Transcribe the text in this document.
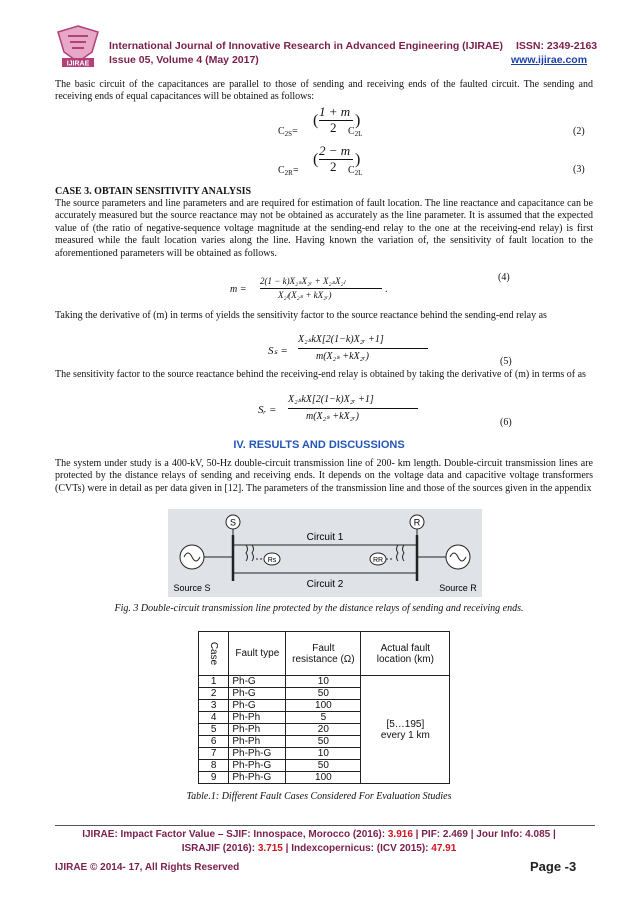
IJIRAE
International Journal of Innovative Research in Advanced Engineering (IJIRAE)
Issue 05, Volume 4 (May 2017)
ISSN: 2349-2163
www.ijirae.com
The basic circuit of the capacitances are parallel to those of sending and receiving ends of the faulted circuit. The sending and receiving ends of equal capacitances will be obtained as follows:
$C_{2S}=$
(
1 + m
2 )
$C_{2L}$	(2)
$C_{2R}=$
(
2 − m
2 )
$C_{2L}$	(3)
CASE 3. OBTAIN SENSITIVITY ANALYSIS
The source parameters and line parameters and are required for estimation of fault location. The line reactance and capacitance can be accurately measured but the source reactance may not be obtained as accurately as the line parameter. It is assumed that the expected value of (the ratio of negative-sequence voltage magnitude at the sending-end relay to the one at the receiving-end relay) is first measured while the fault location varies along the line. Having known the variation of, the sensitivity of fault location to the aforementioned parameters will be obtained as follows.
m =
2(1 − k)X₂ₛX₂ᵣ + X₂ₛX₂ₗ
X₂ₗ(X₂ₛ + kX₂ᵣ)	.
(4)
Taking the derivative of (m) in terms of yields the sensitivity factor to the source reactance behind the sending-end relay as
Sₛ =
X₂ₛkX[2(1−k)X₂ᵣ +1]
m(X₂ₛ +kX₂ᵣ)	(5)
The sensitivity factor to the source reactance behind the receiving-end relay is obtained by taking the derivative of (m) in terms of as
Sᵣ =
X₂ₛkX[2(1−k)X₂ᵣ +1]
m(X₂ₛ +kX₂ᵣ)
(6)
IV. RESULTS AND DISCUSSIONS
The system under study is a 400-kV, 50-Hz double-circuit transmission line of 200- km length. Double-circuit transmission lines are protected by the distance relays of sending and receiving ends. It depends on the voltage data and capacitive voltage transformers (CVTs) were in detail as per data given in [12]. The parameters of the transmission line and those of the sources given in the appendix
S	R
Rs	RR
Circuit 1
Circuit 2
Source S	Source R
Fig. 3 Double-circuit transmission line protected by the distance relays of sending and receiving ends.
Case	Fault type	Fault resistance (Ω)	Actual fault location (km)
1	Ph-G	10	[5…195]
every 1 km

2	Ph-G	50	
3	Ph-G	100	
4	Ph-Ph	5	
5	Ph-Ph	20	
6	Ph-Ph	50	
7	Ph-Ph-G	10	
8	Ph-Ph-G	50	
9	Ph-Ph-G	100	
Table.1: Different Fault Cases Considered For Evaluation Studies
IJIRAE: Impact Factor Value – SJIF: Innospace, Morocco (2016): 3.916 | PIF: 2.469 | Jour Info: 4.085 |
ISRAJIF (2016): 3.715 | Indexcopernicus: (ICV 2015): 47.91
IJIRAE © 2014- 17, All Rights Reserved	Page -3
